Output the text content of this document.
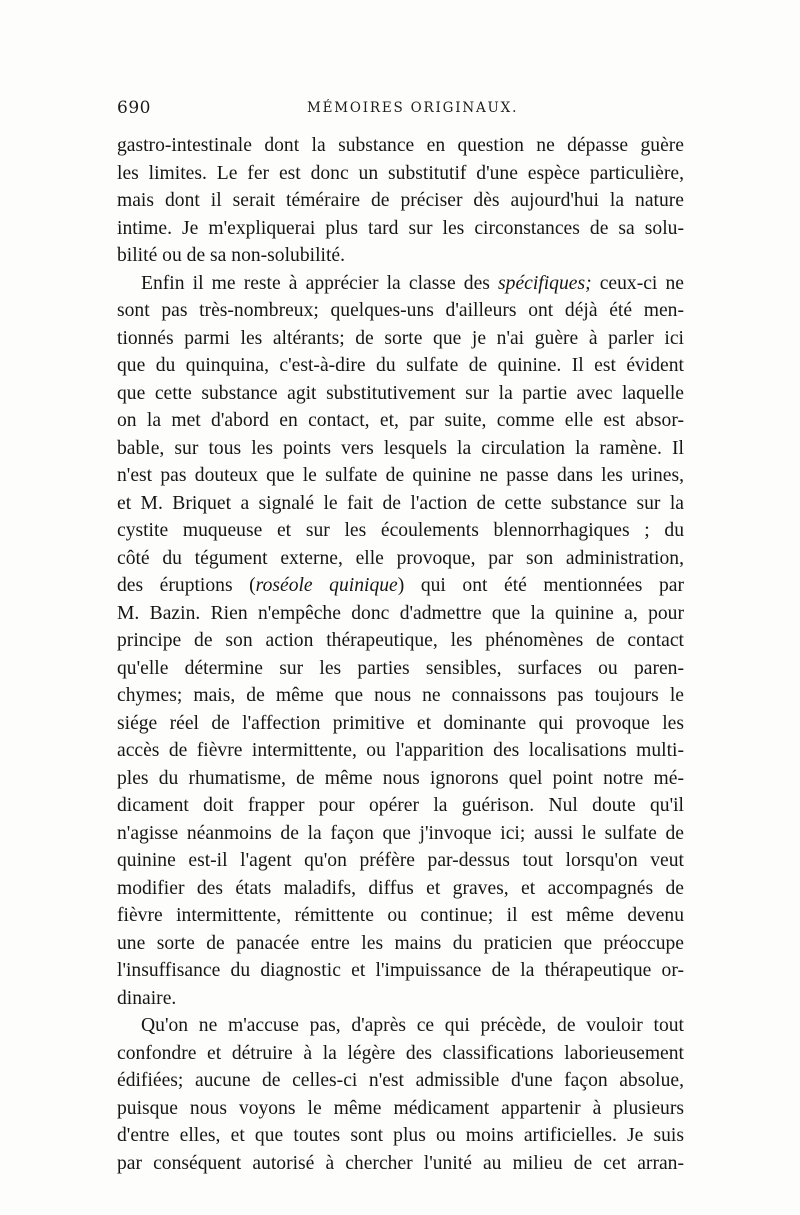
690	MÉMOIRES ORIGINAUX.
gastro-intestinale dont la substance en question ne dépasse guère
les limites. Le fer est donc un substitutif d'une espèce particulière,
mais dont il serait téméraire de préciser dès aujourd'hui la nature
intime. Je m'expliquerai plus tard sur les circonstances de sa solu-
bilité ou de sa non-solubilité.
Enfin il me reste à apprécier la classe des spécifiques; ceux-ci ne
sont pas très-nombreux; quelques-uns d'ailleurs ont déjà été men-
tionnés parmi les altérants; de sorte que je n'ai guère à parler ici
que du quinquina, c'est-à-dire du sulfate de quinine. Il est évident
que cette substance agit substitutivement sur la partie avec laquelle
on la met d'abord en contact, et, par suite, comme elle est absor-
bable, sur tous les points vers lesquels la circulation la ramène. Il
n'est pas douteux que le sulfate de quinine ne passe dans les urines,
et M. Briquet a signalé le fait de l'action de cette substance sur la
cystite muqueuse et sur les écoulements blennorrhagiques ; du
côté du tégument externe, elle provoque, par son administration,
des éruptions (roséole quinique) qui ont été mentionnées par
M. Bazin. Rien n'empêche donc d'admettre que la quinine a, pour
principe de son action thérapeutique, les phénomènes de contact
qu'elle détermine sur les parties sensibles, surfaces ou paren-
chymes; mais, de même que nous ne connaissons pas toujours le
siége réel de l'affection primitive et dominante qui provoque les
accès de fièvre intermittente, ou l'apparition des localisations multi-
ples du rhumatisme, de même nous ignorons quel point notre mé-
dicament doit frapper pour opérer la guérison. Nul doute qu'il
n'agisse néanmoins de la façon que j'invoque ici; aussi le sulfate de
quinine est-il l'agent qu'on préfère par-dessus tout lorsqu'on veut
modifier des états maladifs, diffus et graves, et accompagnés de
fièvre intermittente, rémittente ou continue; il est même devenu
une sorte de panacée entre les mains du praticien que préoccupe
l'insuffisance du diagnostic et l'impuissance de la thérapeutique or-
dinaire.
Qu'on ne m'accuse pas, d'après ce qui précède, de vouloir tout
confondre et détruire à la légère des classifications laborieusement
édifiées; aucune de celles-ci n'est admissible d'une façon absolue,
puisque nous voyons le même médicament appartenir à plusieurs
d'entre elles, et que toutes sont plus ou moins artificielles. Je suis
par conséquent autorisé à chercher l'unité au milieu de cet arran-
